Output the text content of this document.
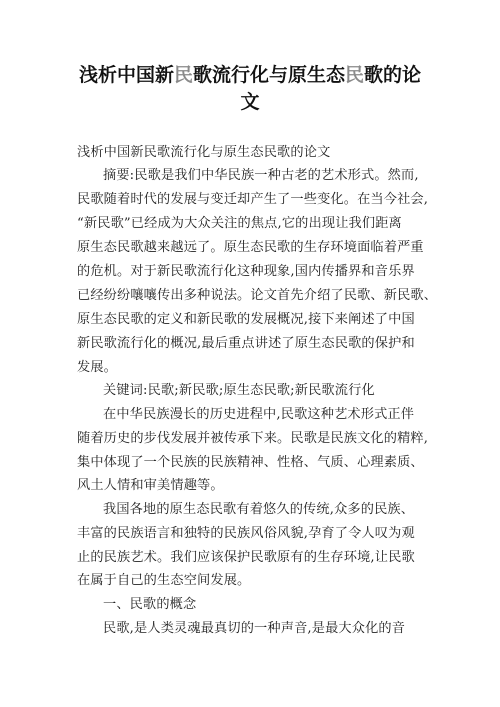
浅析中国新民歌流行化与原生态民歌的论
文
浅析中国新民歌流行化与原生态民歌的论文
摘要:民歌是我们中华民族一种古老的艺术形式。然而,
民歌随着时代的发展与变迁却产生了一些变化。在当今社会,
“新民歌”已经成为大众关注的焦点,它的出现让我们距离
原生态民歌越来越远了。原生态民歌的生存环境面临着严重
的危机。对于新民歌流行化这种现象,国内传播界和音乐界
已经纷纷嚷嚷传出多种说法。论文首先介绍了民歌、新民歌、
原生态民歌的定义和新民歌的发展概况,接下来阐述了中国
新民歌流行化的概况,最后重点讲述了原生态民歌的保护和
发展。
关键词:民歌;新民歌;原生态民歌;新民歌流行化
在中华民族漫长的历史进程中,民歌这种艺术形式正伴
随着历史的步伐发展并被传承下来。民歌是民族文化的精粹,
集中体现了一个民族的民族精神、性格、气质、心理素质、
风土人情和审美情趣等。
我国各地的原生态民歌有着悠久的传统,众多的民族、
丰富的民族语言和独特的民族风俗风貌,孕育了令人叹为观
止的民族艺术。我们应该保护民歌原有的生存环境,让民歌
在属于自己的生态空间发展。
一、民歌的概念
民歌,是人类灵魂最真切的一种声音,是最大众化的音
